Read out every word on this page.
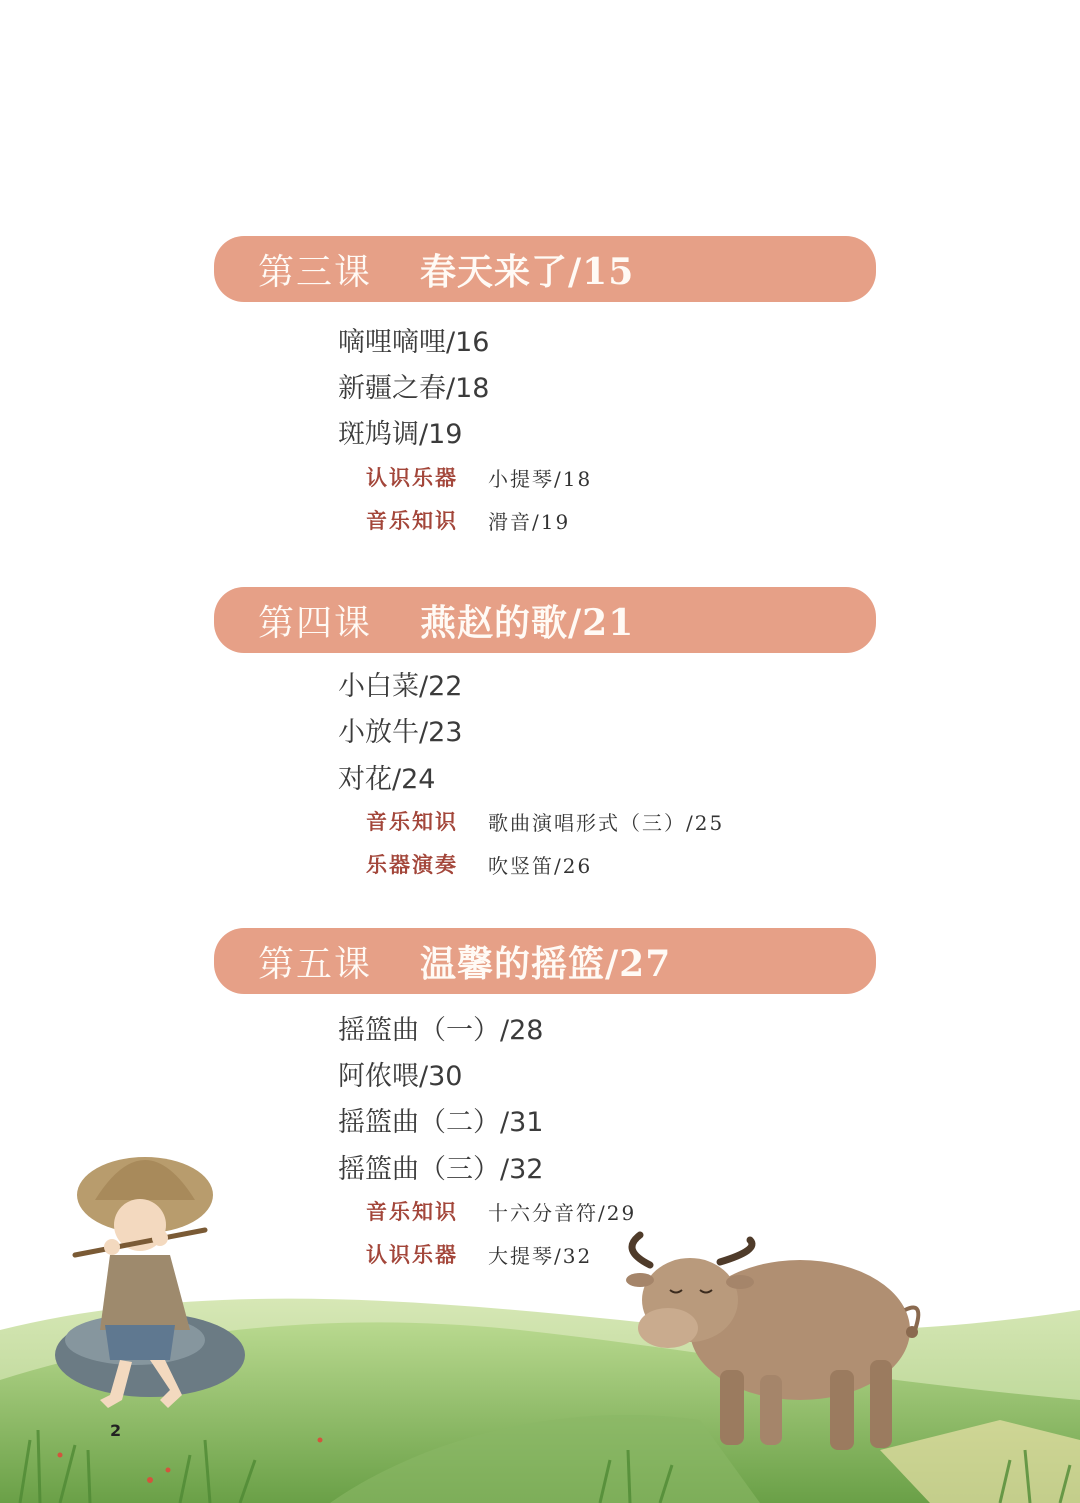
第三课 春天来了/15
嘀哩嘀哩/16
新疆之春/18
斑鸠调/19
认识乐器 小提琴/18
音乐知识 滑音/19
第四课 燕赵的歌/21
小白菜/22
小放牛/23
对花/24
音乐知识 歌曲演唱形式（三）/25
乐器演奏 吹竖笛/26
第五课 温馨的摇篮/27
摇篮曲（一）/28
阿侬喂/30
摇篮曲（二）/31
摇篮曲（三）/32
音乐知识 十六分音符/29
认识乐器 大提琴/32
2
